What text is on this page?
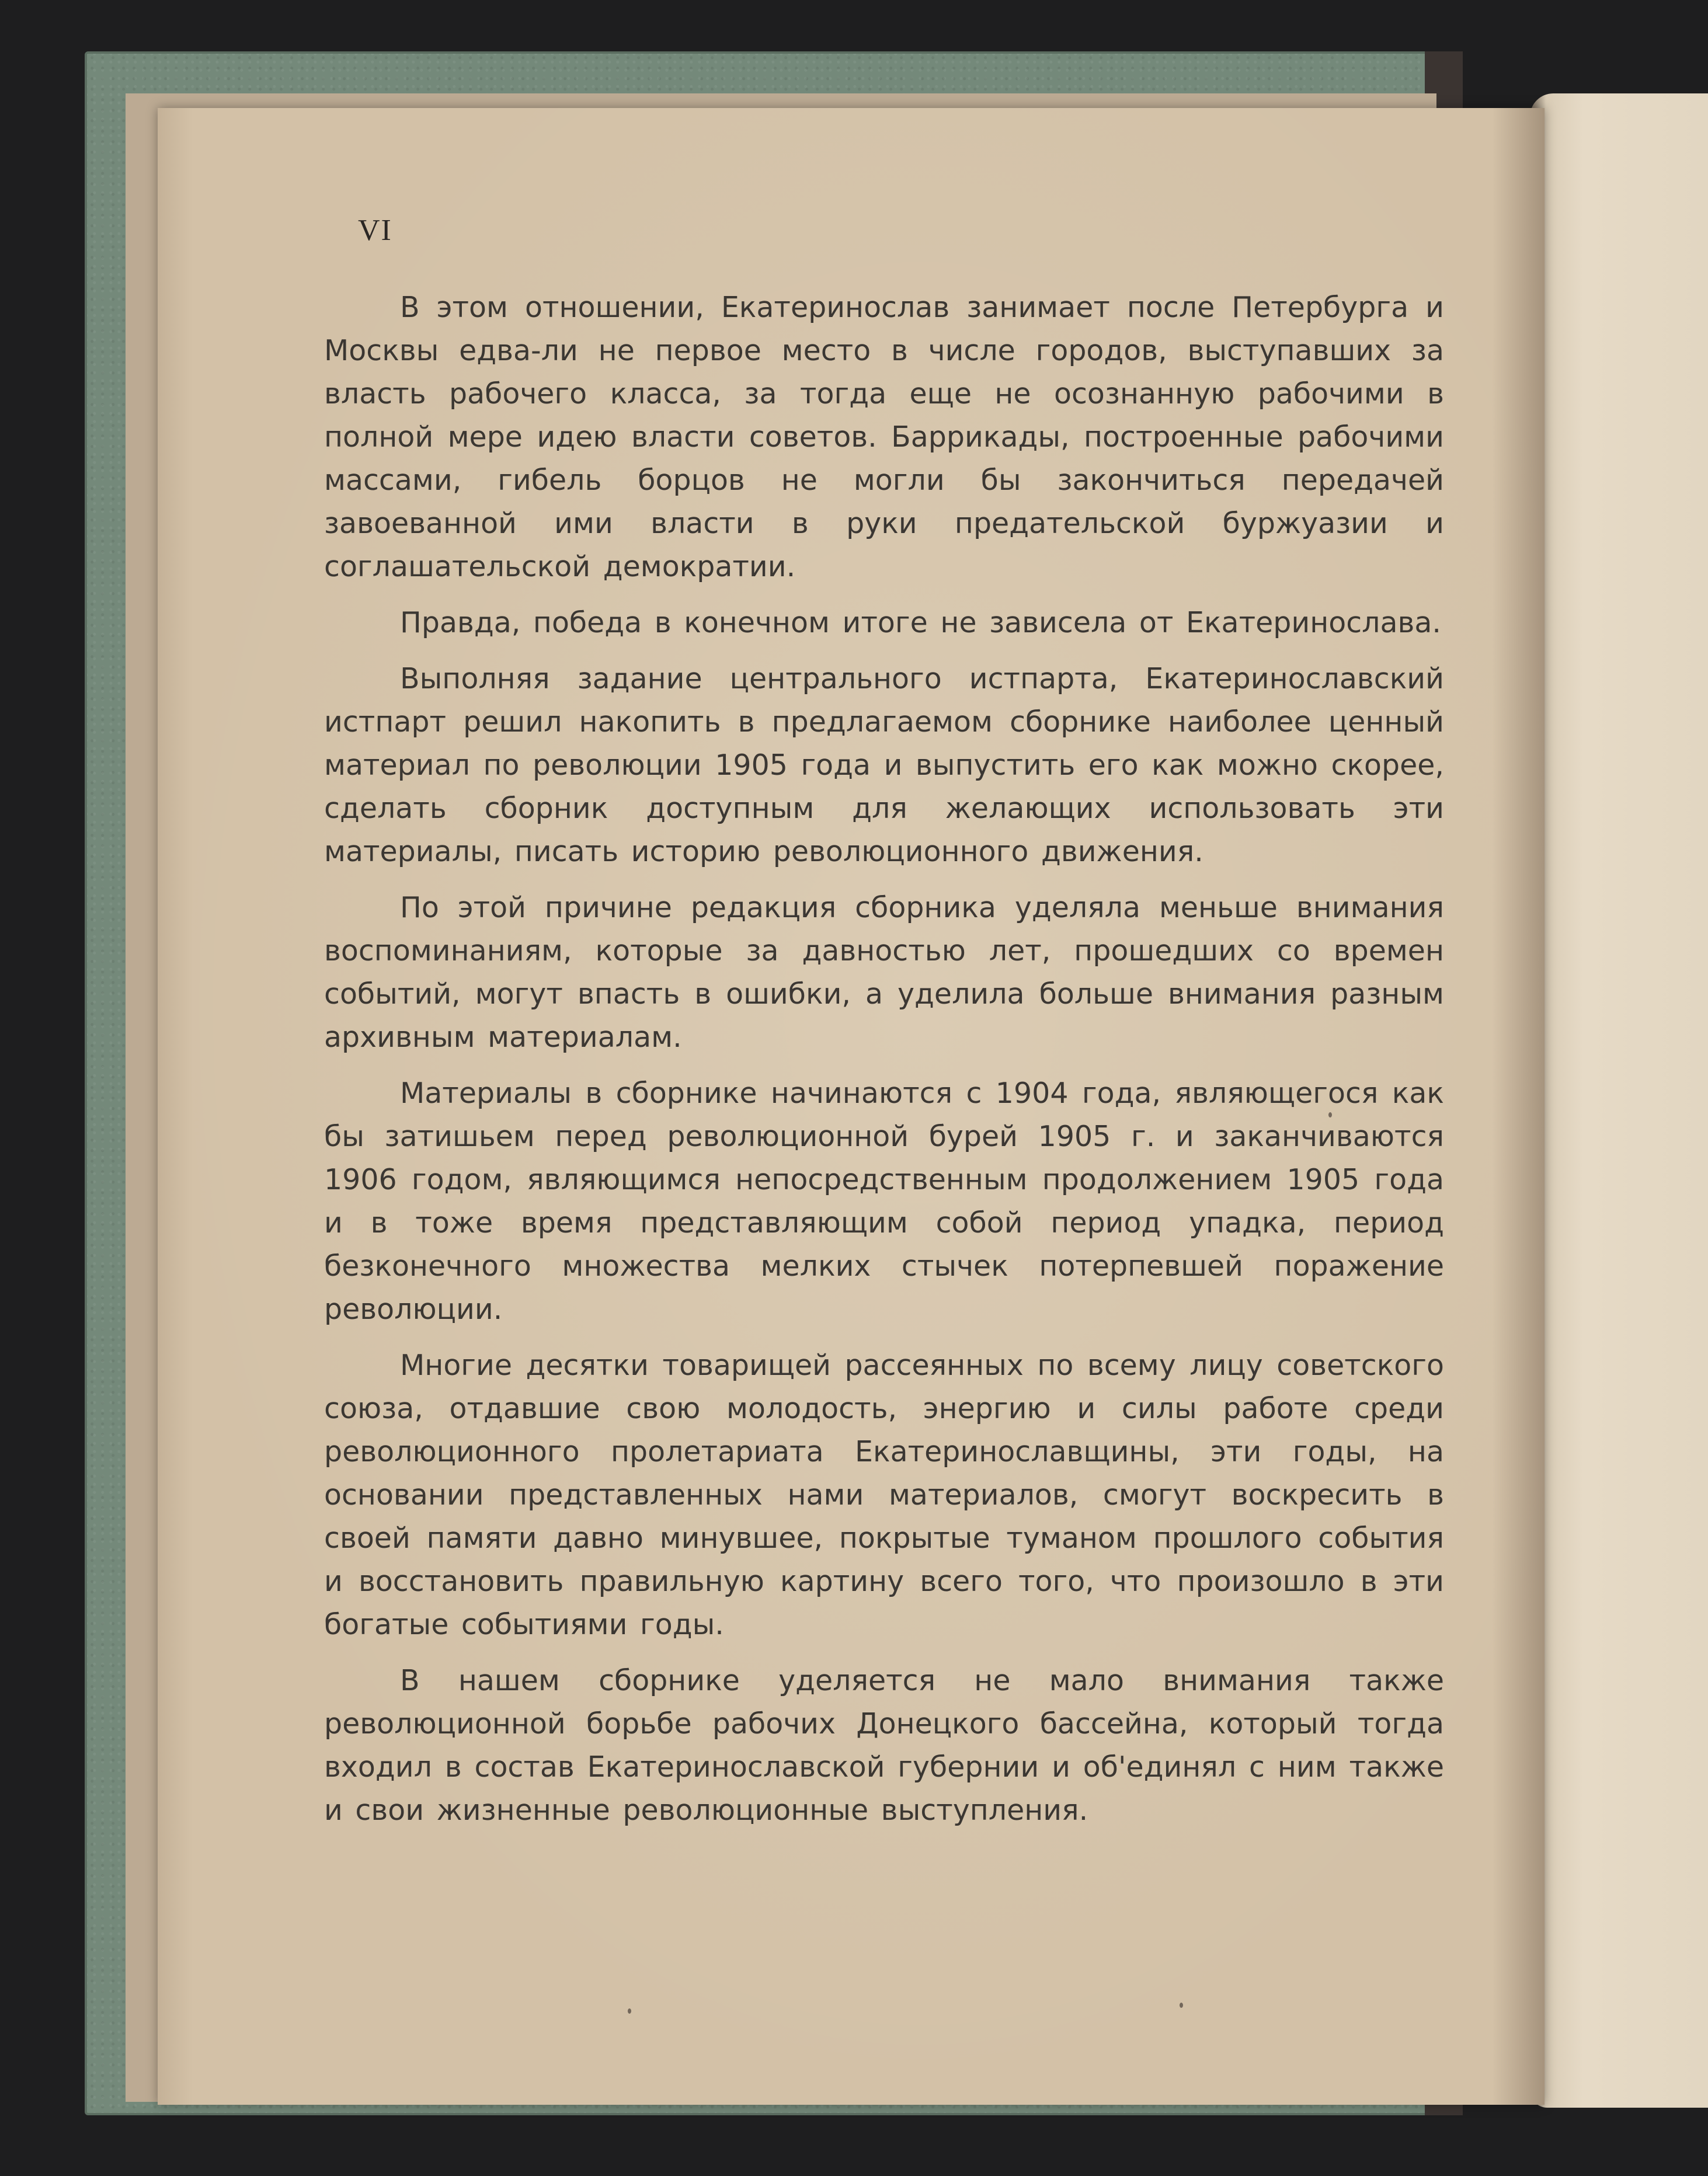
VI

В этом отношении, Екатеринослав занимает после Петербурга и Москвы едва-ли не первое место в числе городов, выступавших за власть рабочего класса, за тогда еще не осознанную рабочими в полной мере идею власти советов. Баррикады, построенные рабочими массами, гибель борцов не могли бы закончиться передачей завоеванной ими власти в руки предательской буржуазии и соглашательской демократии.

Правда, победа в конечном итоге не зависела от Екатеринослава.

Выполняя задание центрального истпарта, Екатеринославский истпарт решил накопить в предлагаемом сборнике наиболее ценный материал по революции 1905 года и выпустить его как можно скорее, сделать сборник доступным для желающих использовать эти материалы, писать историю революционного движения.

По этой причине редакция сборника уделяла меньше внимания воспоминаниям, которые за давностью лет, прошедших со времен событий, могут впасть в ошибки, а уделила больше внимания разным архивным материалам.

Материалы в сборнике начинаются с 1904 года, являющегося как бы затишьем перед революционной бурей 1905 г. и заканчиваются 1906 годом, являющимся непосредственным продолжением 1905 года и в тоже время представляющим собой период упадка, период безконечного множества мелких стычек потерпевшей поражение революции.

Многие десятки товарищей рассеянных по всему лицу советского союза, отдавшие свою молодость, энергию и силы работе среди революционного пролетариата Екатеринославщины, эти годы, на основании представленных нами материалов, смогут воскресить в своей памяти давно минувшее, покрытые туманом прошлого события и восстановить правильную картину всего того, что произошло в эти богатые событиями годы.

В нашем сборнике уделяется не мало внимания также революционной борьбе рабочих Донецкого бассейна, который тогда входил в состав Екатеринославской губернии и об'единял с ним также и свои жизненные революционные выступления.
